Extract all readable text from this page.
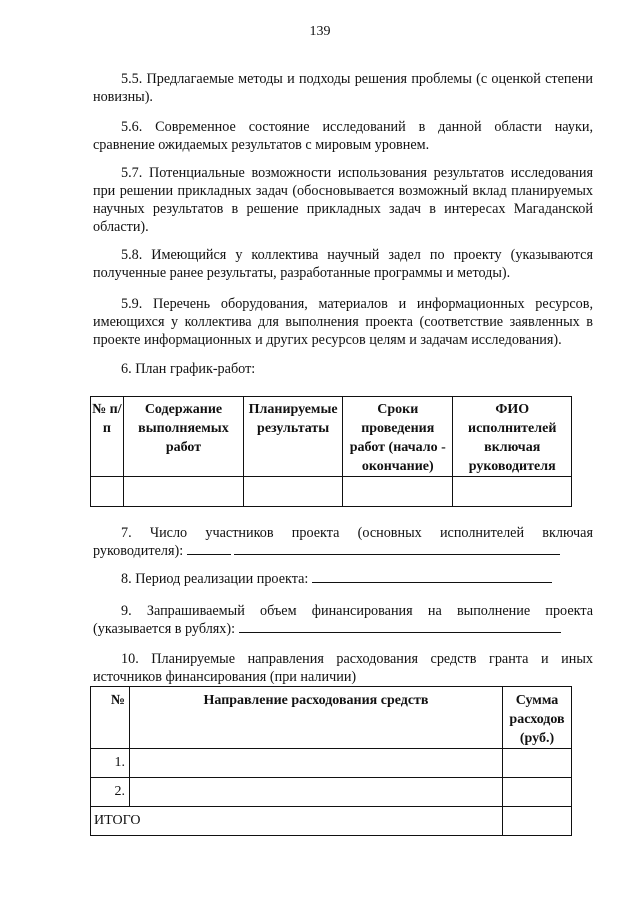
139
5.5. Предлагаемые методы и подходы решения проблемы (с оценкой степени новизны).
5.6. Современное состояние исследований в данной области науки, сравнение ожидаемых результатов с мировым уровнем.
5.7. Потенциальные возможности использования результатов исследования при решении прикладных задач (обосновывается возможный вклад планируемых научных результатов в решение прикладных задач в интересах Магаданской области).
5.8. Имеющийся у коллектива научный задел по проекту (указываются полученные ранее результаты, разработанные программы и методы).
5.9. Перечень оборудования, материалов и информационных ресурсов, имеющихся у коллектива для выполнения проекта (соответствие заявленных в проекте информационных и других ресурсов целям и задачам исследования).
6. План график-работ:
№ п/п	Содержание выполняемых работ	Планируемые результаты	Сроки проведения работ (начало - окончание)	ФИО исполнителей включая руководителя

7. Число участников проекта (основных исполнителей включая руководителя):
8. Период реализации проекта:
9. Запрашиваемый объем финансирования на выполнение проекта (указывается в рублях):
10. Планируемые направления расходования средств гранта и иных источников финансирования (при наличии)
№	Направление расходования средств	Сумма расходов (руб.)
1.		
2.		
ИТОГО		
